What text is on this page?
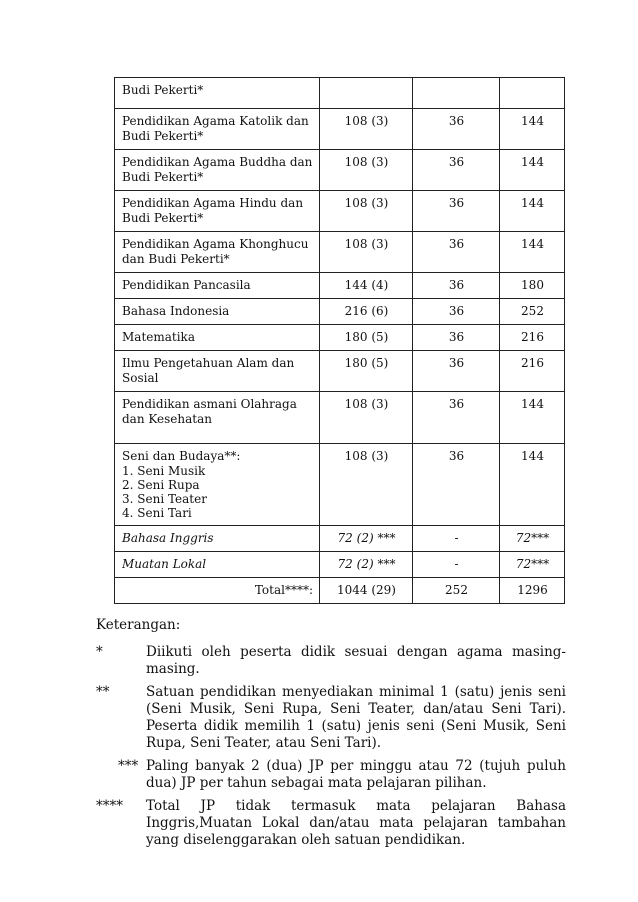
Budi Pekerti*			
Pendidikan Agama Katolik dan Budi Pekerti*	108 (3)	36	144
Pendidikan Agama Buddha dan Budi Pekerti*	108 (3)	36	144
Pendidikan Agama Hindu dan Budi Pekerti*	108 (3)	36	144
Pendidikan Agama Khonghucu dan Budi Pekerti*	108 (3)	36	144
Pendidikan Pancasila	144 (4)	36	180
Bahasa Indonesia	216 (6)	36	252
Matematika	180 (5)	36	216
Ilmu Pengetahuan Alam dan Sosial	180 (5)	36	216
Pendidikan asmani Olahraga dan Kesehatan	108 (3)	36	144

Seni dan Budaya**:
1. Seni Musik
2. Seni Rupa
3. Seni Teater
4. Seni Tari	108 (3)	36	144
Bahasa Inggris	72 (2) ***	-	72***
Muatan Lokal	72 (2) ***	-	72***
Total****:	1044 (29)	252	1296
Keterangan:
*	Diikuti oleh peserta didik sesuai dengan agama masing-masing.
**	Satuan pendidikan menyediakan minimal 1 (satu) jenis seni (Seni Musik, Seni Rupa, Seni Teater, dan/atau Seni Tari). Peserta didik memilih 1 (satu) jenis seni (Seni Musik, Seni Rupa, Seni Teater, atau Seni Tari).
*** Paling banyak 2 (dua) JP per minggu atau 72 (tujuh puluh dua) JP per tahun sebagai mata pelajaran pilihan.
**** Total JP tidak termasuk mata pelajaran Bahasa Inggris,Muatan Lokal dan/atau mata pelajaran tambahan yang diselenggarakan oleh satuan pendidikan.
